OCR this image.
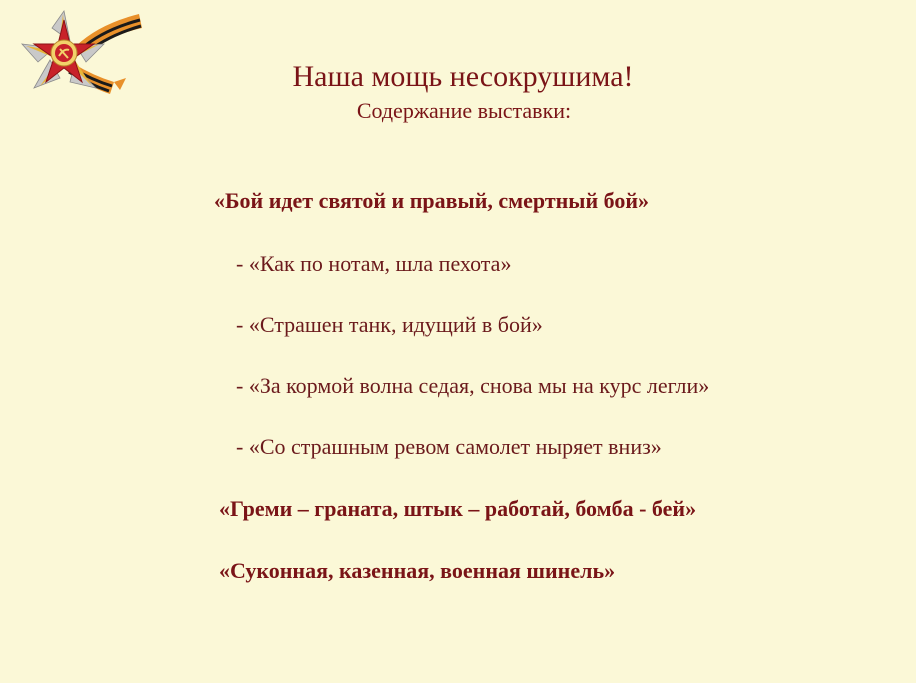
Наша мощь несокрушима!
Содержание выставки:
«Бой идет святой и правый, смертный бой»
- «Как по нотам, шла пехота»
- «Страшен танк, идущий в бой»
- «За кормой волна седая, снова мы на курс легли»
- «Со страшным ревом самолет ныряет вниз»
«Греми – граната, штык – работай, бомба - бей»
«Суконная, казенная, военная шинель»
